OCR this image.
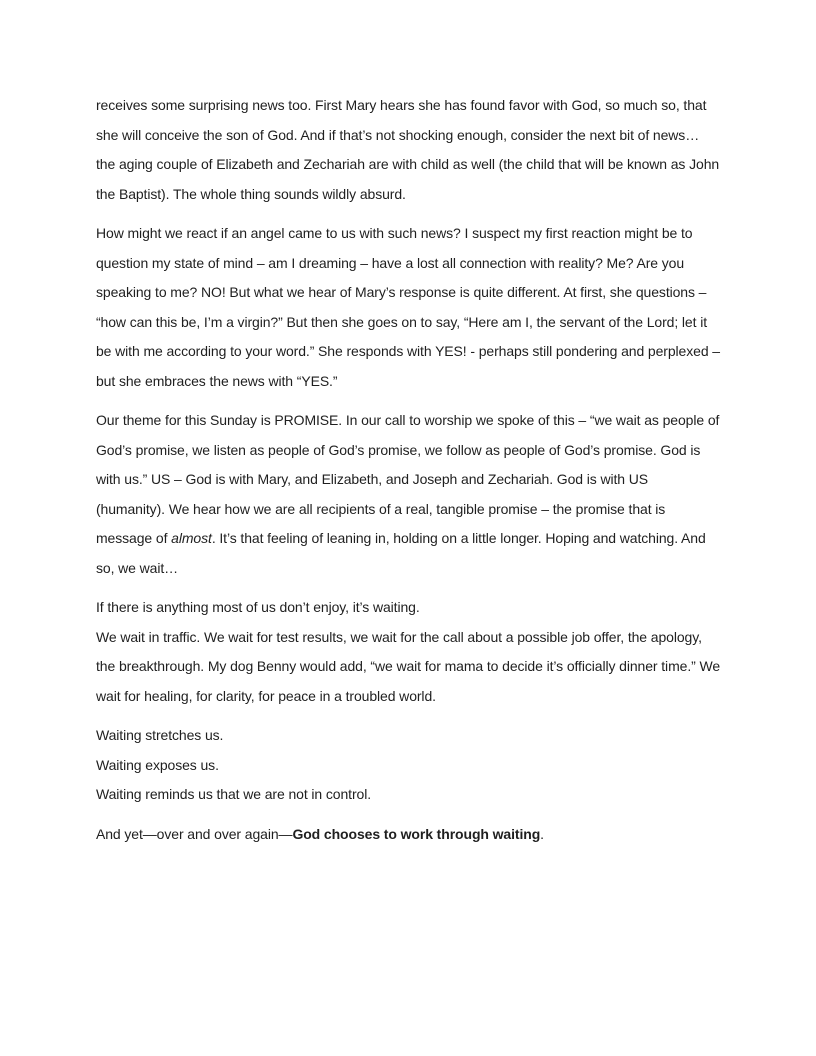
receives some surprising news too. First Mary hears she has found favor with God, so much so, that she will conceive the son of God. And if that’s not shocking enough, consider the next bit of news… the aging couple of Elizabeth and Zechariah are with child as well (the child that will be known as John the Baptist). The whole thing sounds wildly absurd.

How might we react if an angel came to us with such news? I suspect my first reaction might be to question my state of mind – am I dreaming – have a lost all connection with reality? Me? Are you speaking to me? NO! But what we hear of Mary’s response is quite different. At first, she questions – “how can this be, I’m a virgin?” But then she goes on to say, “Here am I, the servant of the Lord; let it be with me according to your word.” She responds with YES! - perhaps still pondering and perplexed – but she embraces the news with “YES.”

Our theme for this Sunday is PROMISE. In our call to worship we spoke of this – “we wait as people of God’s promise, we listen as people of God’s promise, we follow as people of God’s promise. God is with us.” US – God is with Mary, and Elizabeth, and Joseph and Zechariah. God is with US (humanity). We hear how we are all recipients of a real, tangible promise – the promise that is message of almost. It’s that feeling of leaning in, holding on a little longer. Hoping and watching. And so, we wait…

If there is anything most of us don’t enjoy, it’s waiting.
We wait in traffic. We wait for test results, we wait for the call about a possible job offer, the apology, the breakthrough. My dog Benny would add, “we wait for mama to decide it’s officially dinner time.” We wait for healing, for clarity, for peace in a troubled world.

Waiting stretches us.
Waiting exposes us.
Waiting reminds us that we are not in control.

And yet—over and over again—God chooses to work through waiting.
